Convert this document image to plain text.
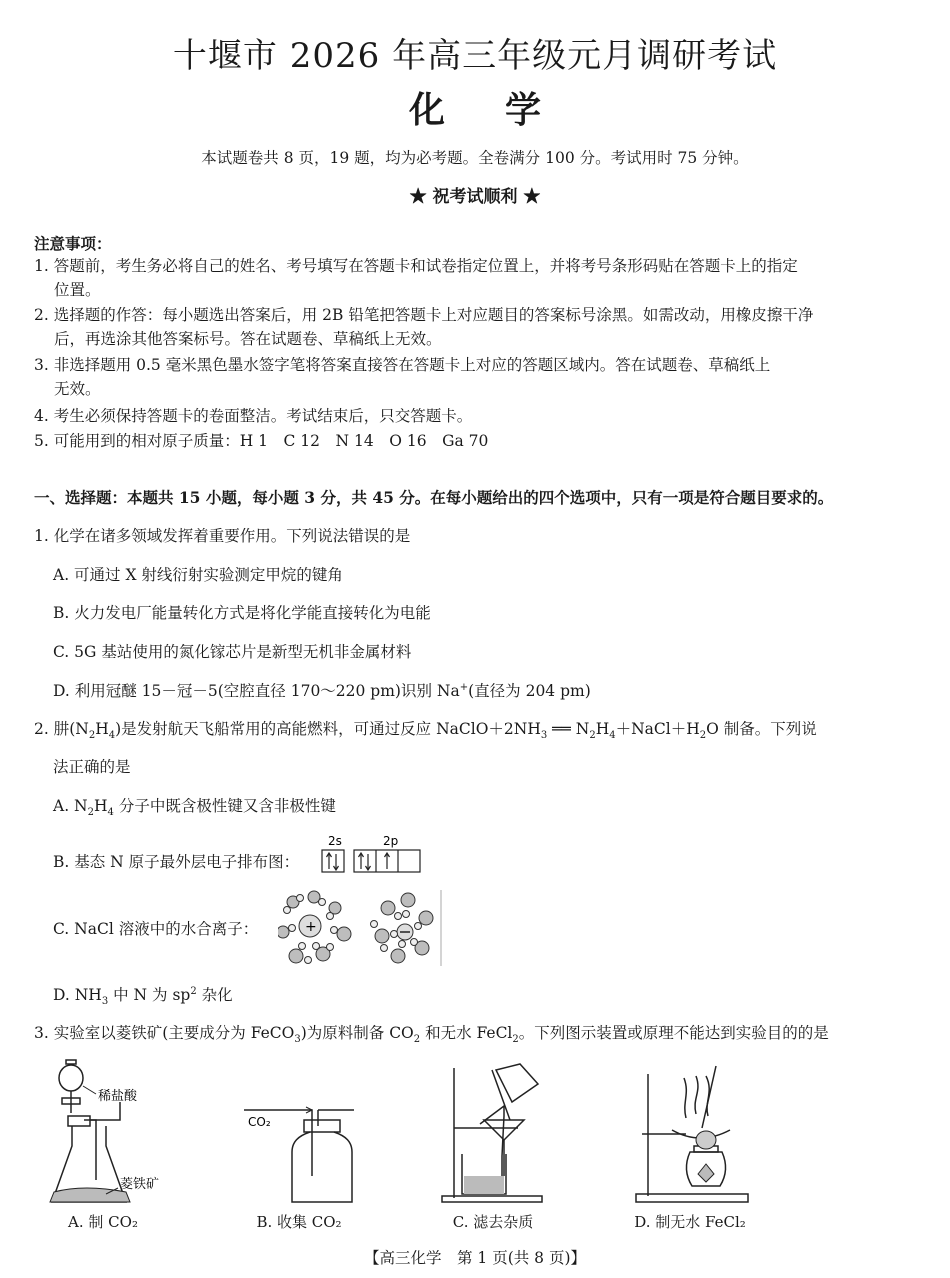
十堰市 2026 年高三年级元月调研考试
化学
本试题卷共 8 页，19 题，均为必考题。全卷满分 100 分。考试用时 75 分钟。
★ 祝考试顺利 ★
注意事项：
1. 答题前，考生务必将自己的姓名、考号填写在答题卡和试卷指定位置上，并将考号条形码贴在答题卡上的指定
位置。
2. 选择题的作答：每小题选出答案后，用 2B 铅笔把答题卡上对应题目的答案标号涂黑。如需改动，用橡皮擦干净
后，再选涂其他答案标号。答在试题卷、草稿纸上无效。
3. 非选择题用 0.5 毫米黑色墨水签字笔将答案直接答在答题卡上对应的答题区域内。答在试题卷、草稿纸上
无效。
4. 考生必须保持答题卡的卷面整洁。考试结束后，只交答题卡。
5. 可能用到的相对原子质量：H 1　C 12　N 14　O 16　Ga 70
一、选择题：本题共 15 小题，每小题 3 分，共 45 分。在每小题给出的四个选项中，只有一项是符合题目要求的。
1. 化学在诸多领域发挥着重要作用。下列说法错误的是
A. 可通过 X 射线衍射实验测定甲烷的键角
B. 火力发电厂能量转化方式是将化学能直接转化为电能
C. 5G 基站使用的氮化镓芯片是新型无机非金属材料
D. 利用冠醚 15－冠－5(空腔直径 170～220 pm)识别 Na+(直径为 204 pm)
2. 肼$(N_2H_4)$是发射航天飞船常用的高能燃料，可通过反应 $NaClO+2NH_3$ ══ $N_2H_4+NaCl+H_2O$ 制备。下列说
法正确的是
A. $N_2H_4$ 分子中既含极性键又含非极性键
B. 基态 N 原子最外层电子排布图：
2s	2p
C. NaCl 溶液中的水合离子：	+
D. $NH_3$ 中 N 为 $sp^2$ 杂化
3. 实验室以菱铁矿(主要成分为 FeCO$_3$)为原料制备 $CO_2$ 和无水 FeCl$_2$。下列图示装置或原理不能达到实验目的的是
稀盐酸
菱铁矿
A. 制 CO₂
CO₂
B. 收集 CO₂	C. 滤去杂质	D. 制无水 FeCl₂
【高三化学　第 1 页(共 8 页)】
